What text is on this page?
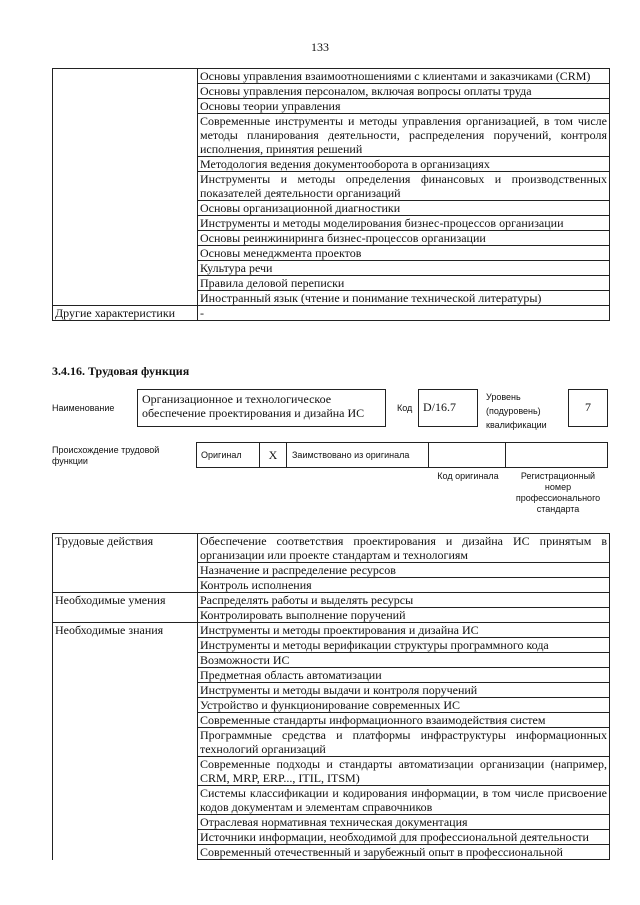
133
	Основы управления взаимоотношениями с клиентами и заказчиками (CRM)
	Основы управления персоналом, включая вопросы оплаты труда
	Основы теории управления
	Современные инструменты и методы управления организацией, в том числе методы планирования деятельности, распределения поручений, контроля исполнения, принятия решений
	Методология ведения документооборота в организациях
	Инструменты и методы определения финансовых и производственных показателей деятельности организаций
	Основы организационной диагностики
	Инструменты и методы моделирования бизнес-процессов организации
	Основы реинжиниринга бизнес-процессов организации
	Основы менеджмента проектов
	Культура речи
	Правила деловой переписки
	Иностранный язык (чтение и понимание технической литературы)
Другие характеристики	-
3.4.16. Трудовая функция
Наименование
Организационное и технологическое обеспечение проектирования и дизайна ИС	Код D/16.7
Уровень (подуровень) квалификации
7
Происхождение трудовой функции
Оригинал	X	Заимствовано из оригинала
Код оригинала	Регистрационный номер профессионального стандарта
Трудовые действия	Обеспечение соответствия проектирования и дизайна ИС принятым в организации или проекте стандартам и технологиям
	Назначение и распределение ресурсов
	Контроль исполнения
Необходимые умения	Распределять работы и выделять ресурсы
	Контролировать выполнение поручений
Необходимые знания	Инструменты и методы проектирования и дизайна ИС
	Инструменты и методы верификации структуры программного кода
	Возможности ИС
	Предметная область автоматизации
	Инструменты и методы выдачи и контроля поручений
	Устройство и функционирование современных ИС
	Современные стандарты информационного взаимодействия систем
	Программные средства и платформы инфраструктуры информационных технологий организаций
	Современные подходы и стандарты автоматизации организации (например, CRM, MRP, ERP..., ITIL, ITSM)
	Системы классификации и кодирования информации, в том числе присвоение кодов документам и элементам справочников
	Отраслевая нормативная техническая документация
	Источники информации, необходимой для профессиональной деятельности
	Современный отечественный и зарубежный опыт в профессиональной
